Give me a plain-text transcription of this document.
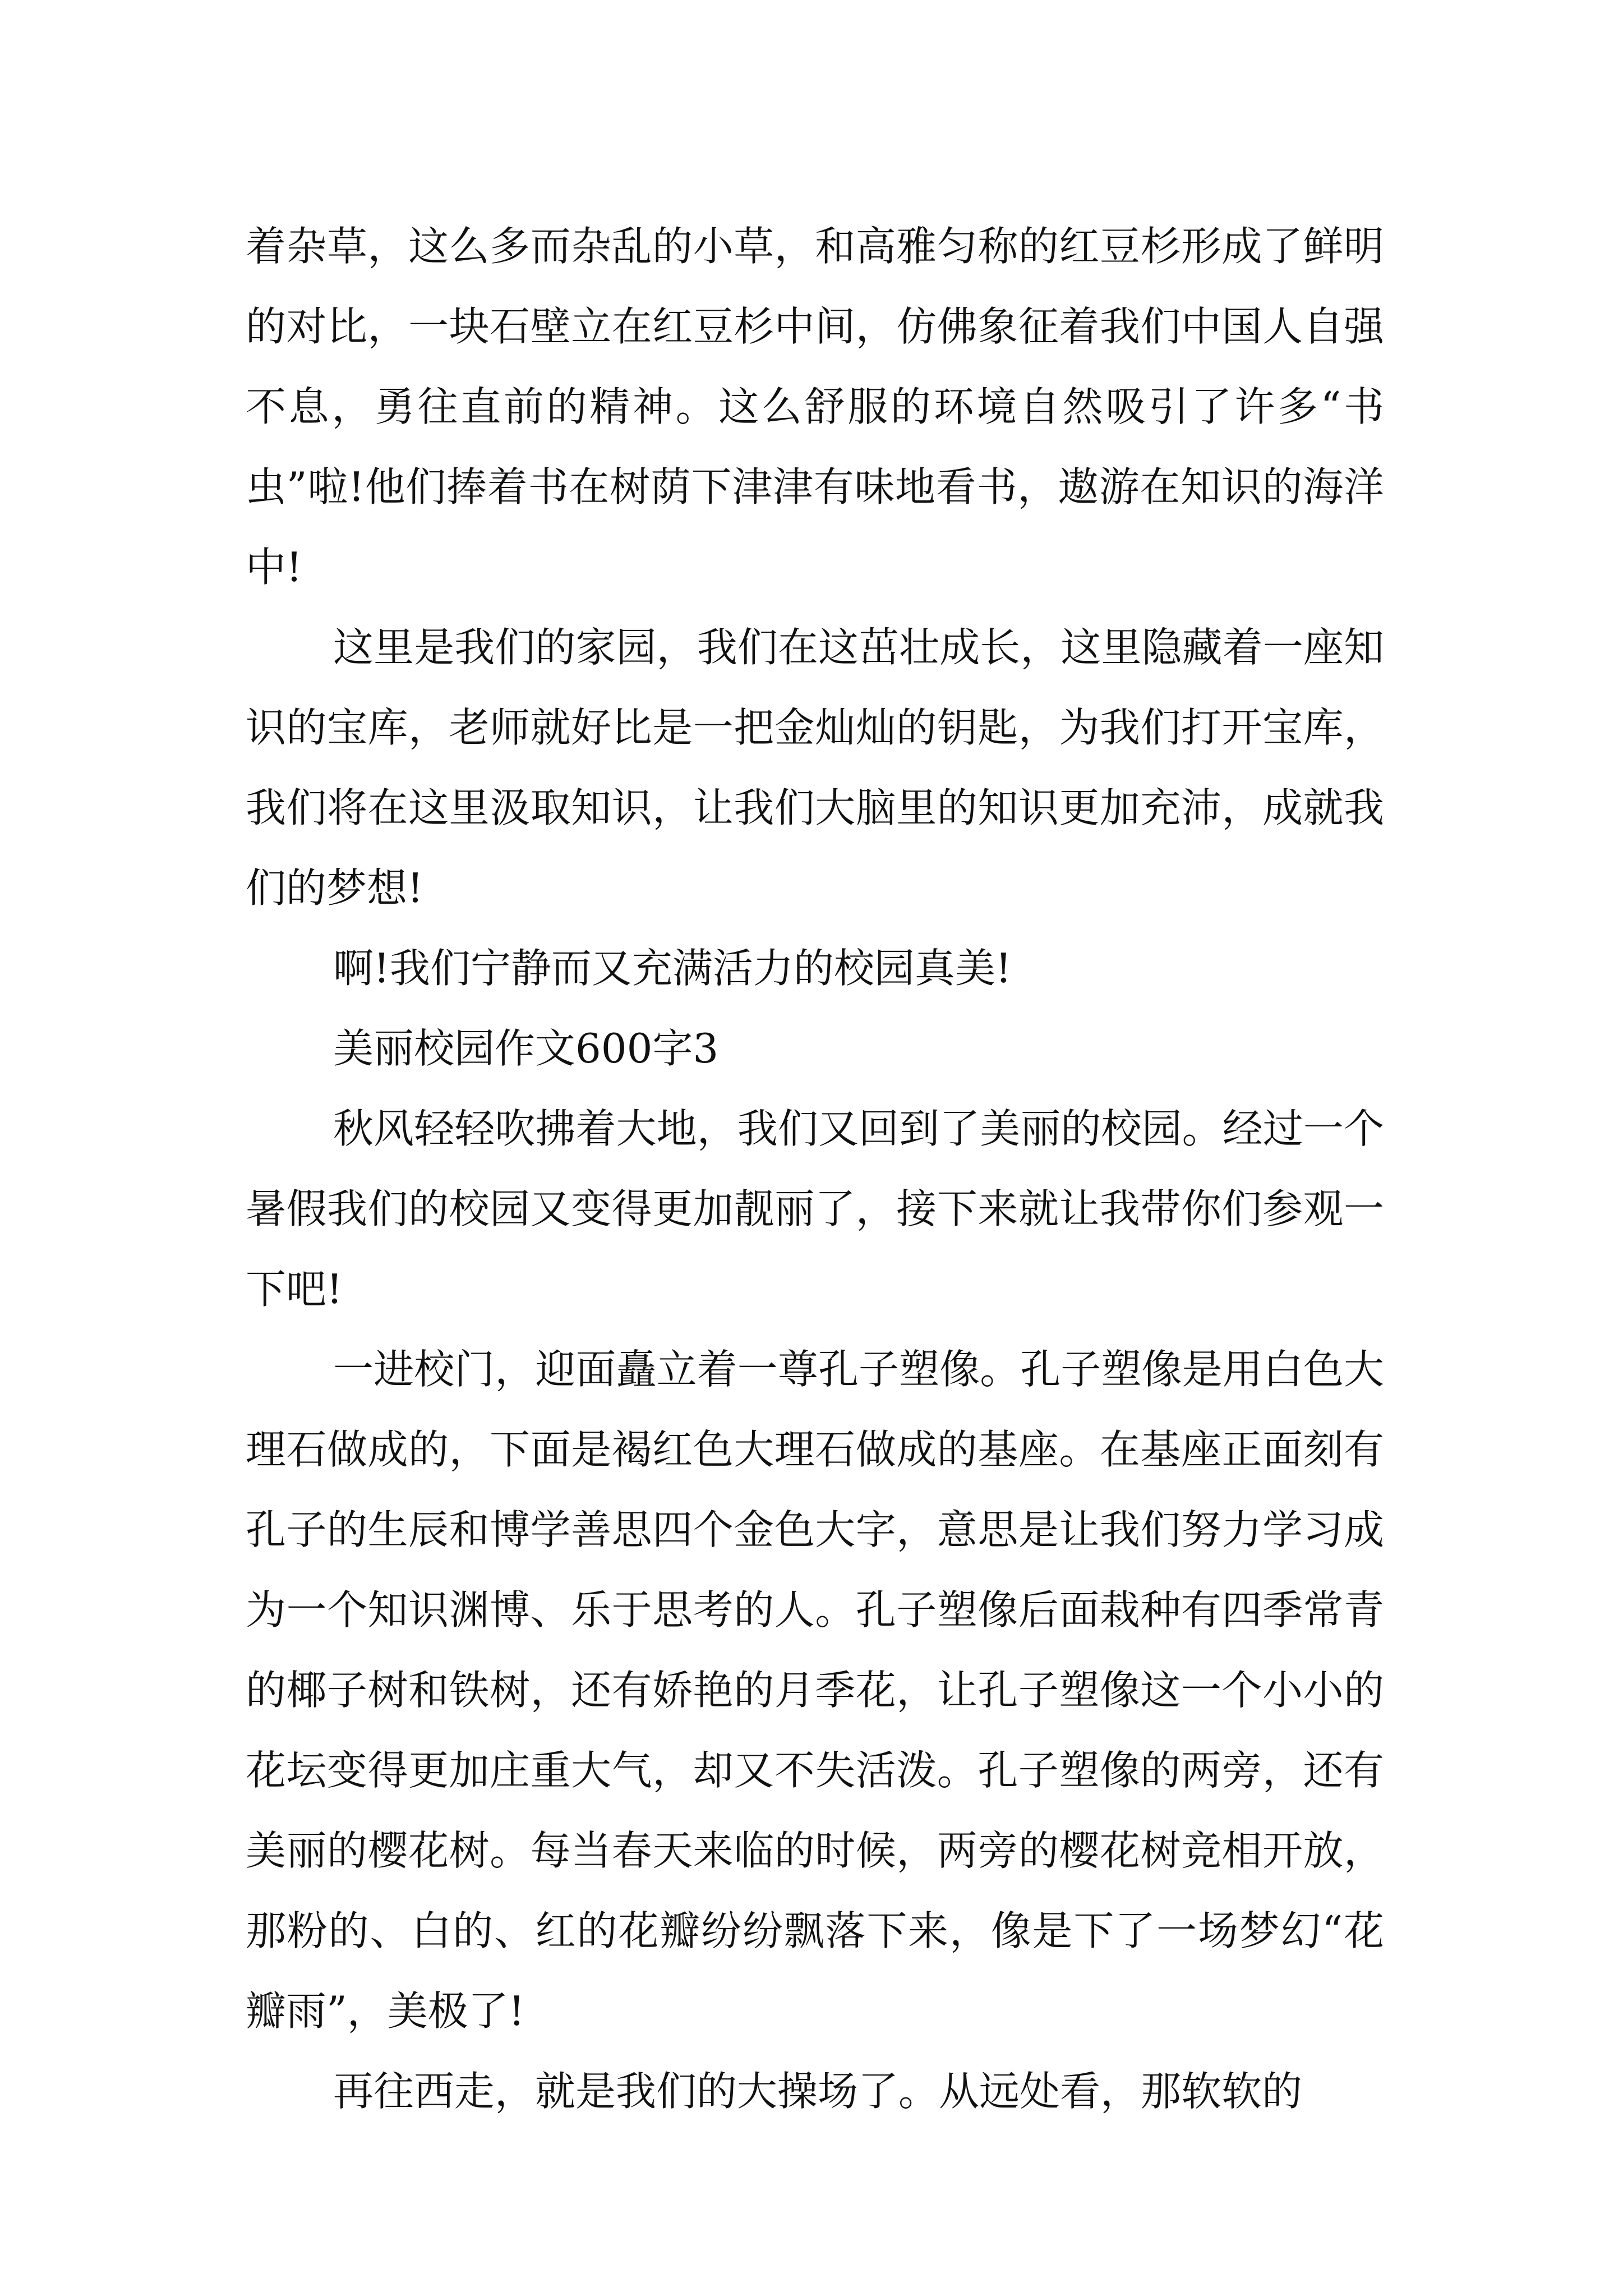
着杂草，这么多而杂乱的小草，和高雅匀称的红豆杉形成了鲜明的对比，一块石壁立在红豆杉中间，仿佛象征着我们中国人自强不息，勇往直前的精神。这么舒服的环境自然吸引了许多“书虫”啦!他们捧着书在树荫下津津有味地看书，遨游在知识的海洋中!

这里是我们的家园，我们在这茁壮成长，这里隐藏着一座知识的宝库，老师就好比是一把金灿灿的钥匙，为我们打开宝库，我们将在这里汲取知识，让我们大脑里的知识更加充沛，成就我们的梦想!

啊!我们宁静而又充满活力的校园真美!

美丽校园作文600字3

秋风轻轻吹拂着大地，我们又回到了美丽的校园。经过一个暑假我们的校园又变得更加靓丽了，接下来就让我带你们参观一下吧!

一进校门，迎面矗立着一尊孔子塑像。孔子塑像是用白色大理石做成的，下面是褐红色大理石做成的基座。在基座正面刻有孔子的生辰和博学善思四个金色大字，意思是让我们努力学习成为一个知识渊博、乐于思考的人。孔子塑像后面栽种有四季常青的椰子树和铁树，还有娇艳的月季花，让孔子塑像这一个小小的花坛变得更加庄重大气，却又不失活泼。孔子塑像的两旁，还有美丽的樱花树。每当春天来临的时候，两旁的樱花树竞相开放，那粉的、白的、红的花瓣纷纷飘落下来，像是下了一场梦幻“花瓣雨”，美极了!

再往西走，就是我们的大操场了。从远处看，那软软的
